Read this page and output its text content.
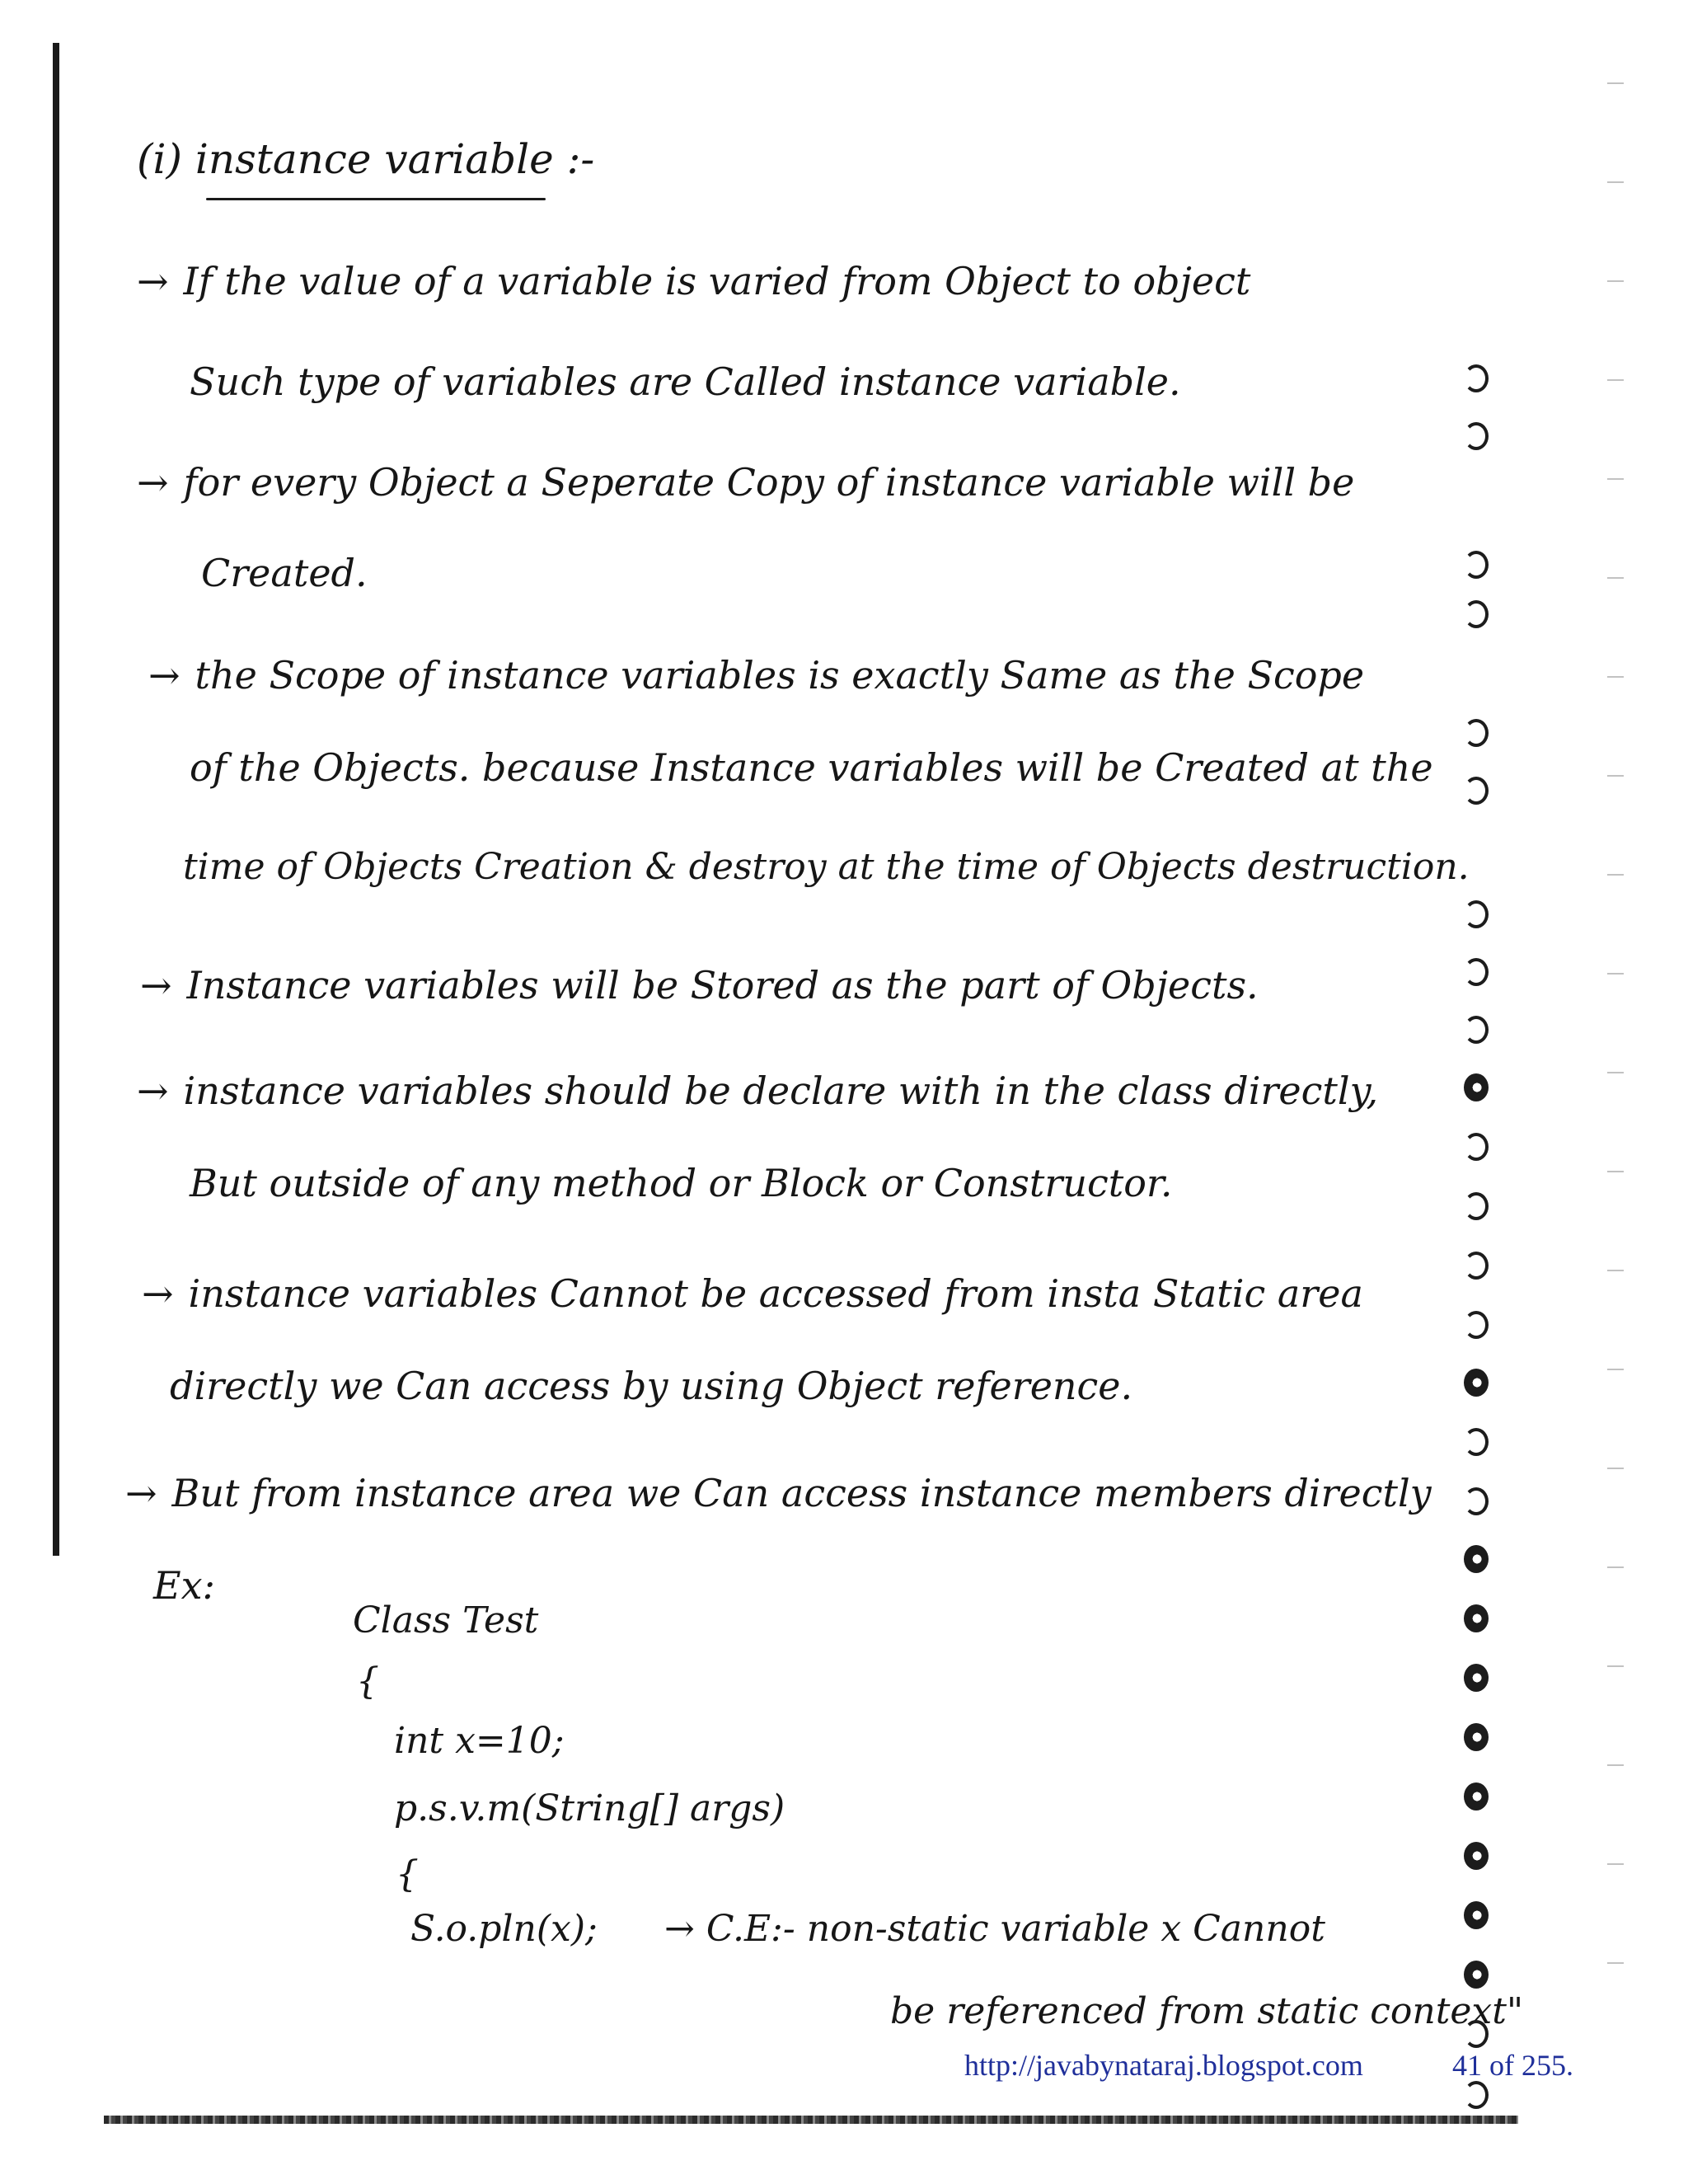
(i) instance variable :-
→ If the value of a variable is varied from Object to object
Such type of variables are Called instance variable.
→ for every Object a Seperate Copy of instance variable will be
Created.
→ the Scope of instance variables is exactly Same as the Scope
of the Objects. because Instance variables will be Created at the
time of Objects Creation & destroy at the time of Objects destruction.
→ Instance variables will be Stored as the part of Objects.
→ instance variables should be declare with in the class directly,
But outside of any method or Block or Constructor.
→ instance variables Cannot be accessed from insta Static area
directly we Can access by using Object reference.
→ But from instance area we Can access instance members directly
Ex:
Class Test
{
int x=10;
p.s.v.m(String[] args)
{
S.o.pln(x); → C.E:- non-static variable x Cannot
be referenced from static context"
http://javabynataraj.blogspot.com	41 of 255.
